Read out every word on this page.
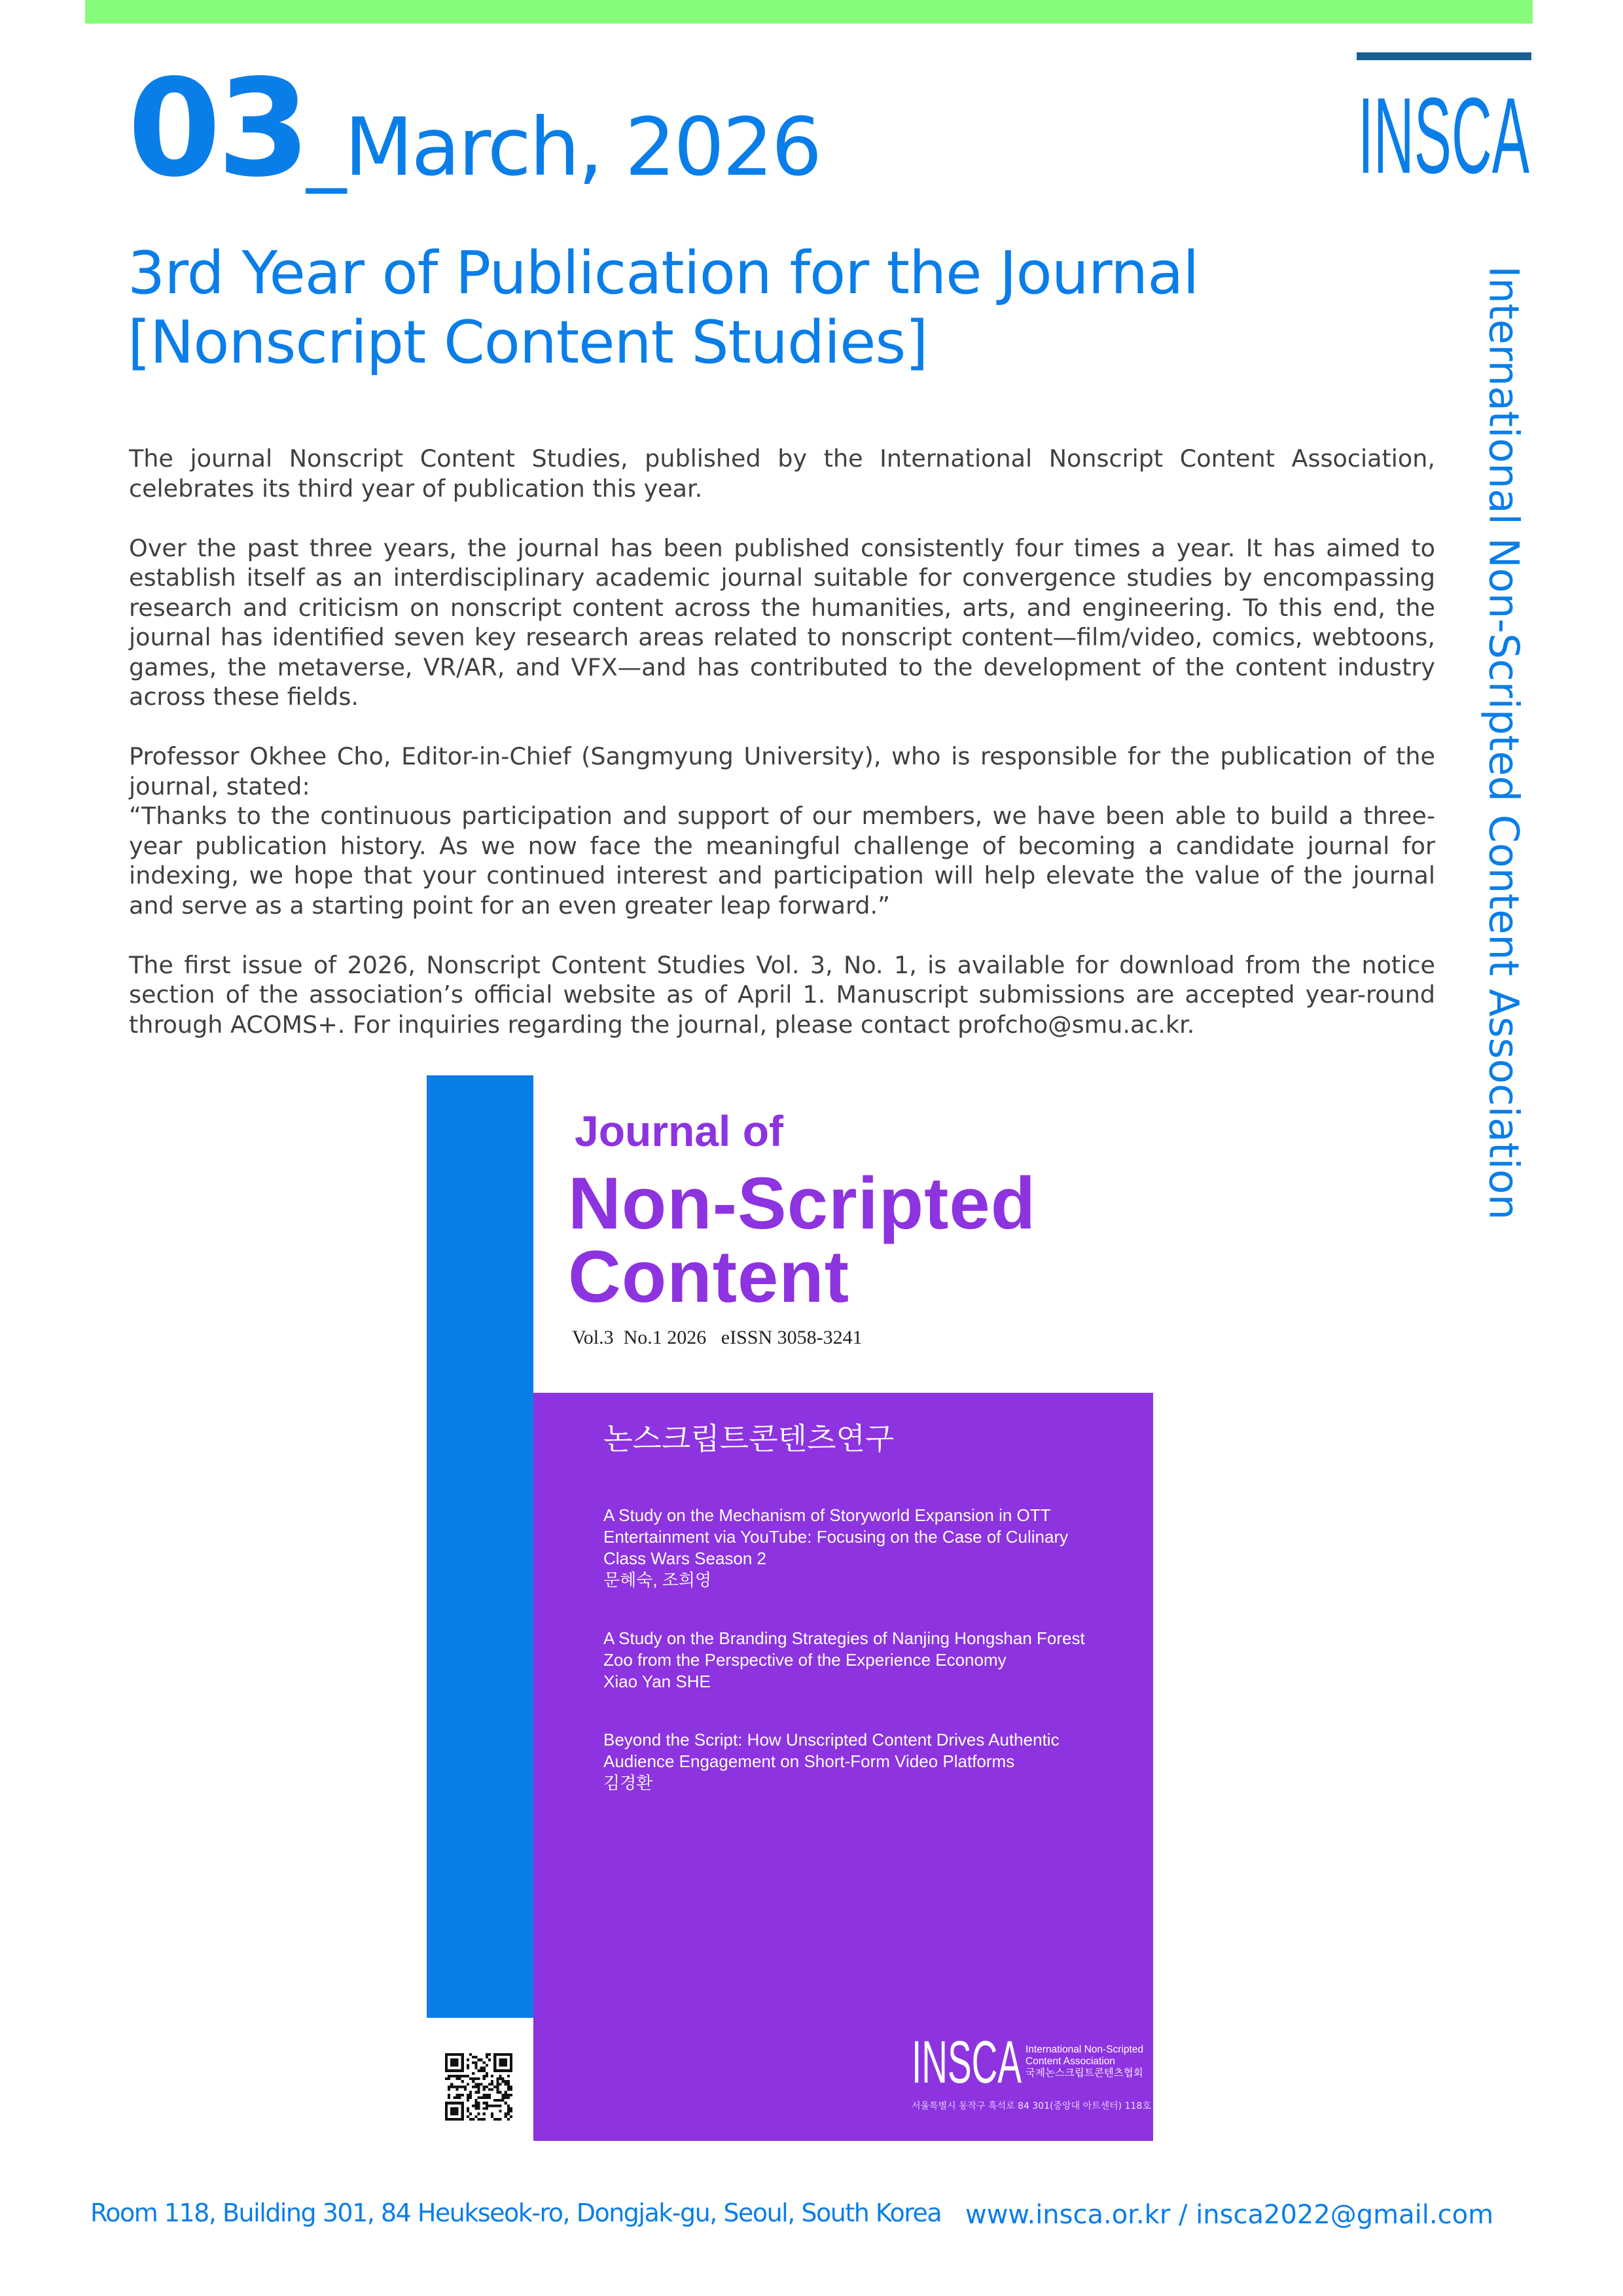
03_March, 2026	INSCA
International Non-Scripted Content Association
3rd Year of Publication for the Journal
[Nonscript Content Studies]

The journal Nonscript Content Studies, published by the International Nonscript Content Association, celebrates its third year of publication this year.

Over the past three years, the journal has been published consistently four times a year. It has aimed to establish itself as an interdisciplinary academic journal suitable for convergence studies by encompassing research and criticism on nonscript content across the humanities, arts, and engineering. To this end, the journal has identified seven key research areas related to nonscript content—film/video, comics, webtoons, games, the metaverse, VR/AR, and VFX—and has contributed to the development of the content industry across these fields.

Professor Okhee Cho, Editor-in-Chief (Sangmyung University), who is responsible for the publication of the journal, stated:
“Thanks to the continuous participation and support of our members, we have been able to build a three-year publication history. As we now face the meaningful challenge of becoming a candidate journal for indexing, we hope that your continued interest and participation will help elevate the value of the journal and serve as a starting point for an even greater leap forward.”

The first issue of 2026, Nonscript Content Studies Vol. 3, No. 1, is available for download from the notice section of the association’s official website as of April 1. Manuscript submissions are accepted year-round through ACOMS+. For inquiries regarding the journal, please contact profcho@smu.ac.kr.

Journal of
Non-Scripted
Content
Vol.3  No.1 2026   eISSN 3058-3241
논스크립트콘텐츠연구
A Study on the Mechanism of Storyworld Expansion in OTT
Entertainment via YouTube: Focusing on the Case of Culinary
Class Wars Season 2
문혜숙, 조희영
A Study on the Branding Strategies of Nanjing Hongshan Forest
Zoo from the Perspective of the Experience Economy
Xiao Yan SHE
Beyond the Script: How Unscripted Content Drives Authentic
Audience Engagement on Short-Form Video Platforms
김경환
INSCA International Non-Scripted
Content Association
국제논스크립트콘텐츠협회
서울특별시 동작구 흑석로 84 301(중앙대 아트센터) 118호
Room 118, Building 301, 84 Heukseok-ro, Dongjak-gu, Seoul, South Korea www.insca.or.kr / insca2022@gmail.com
